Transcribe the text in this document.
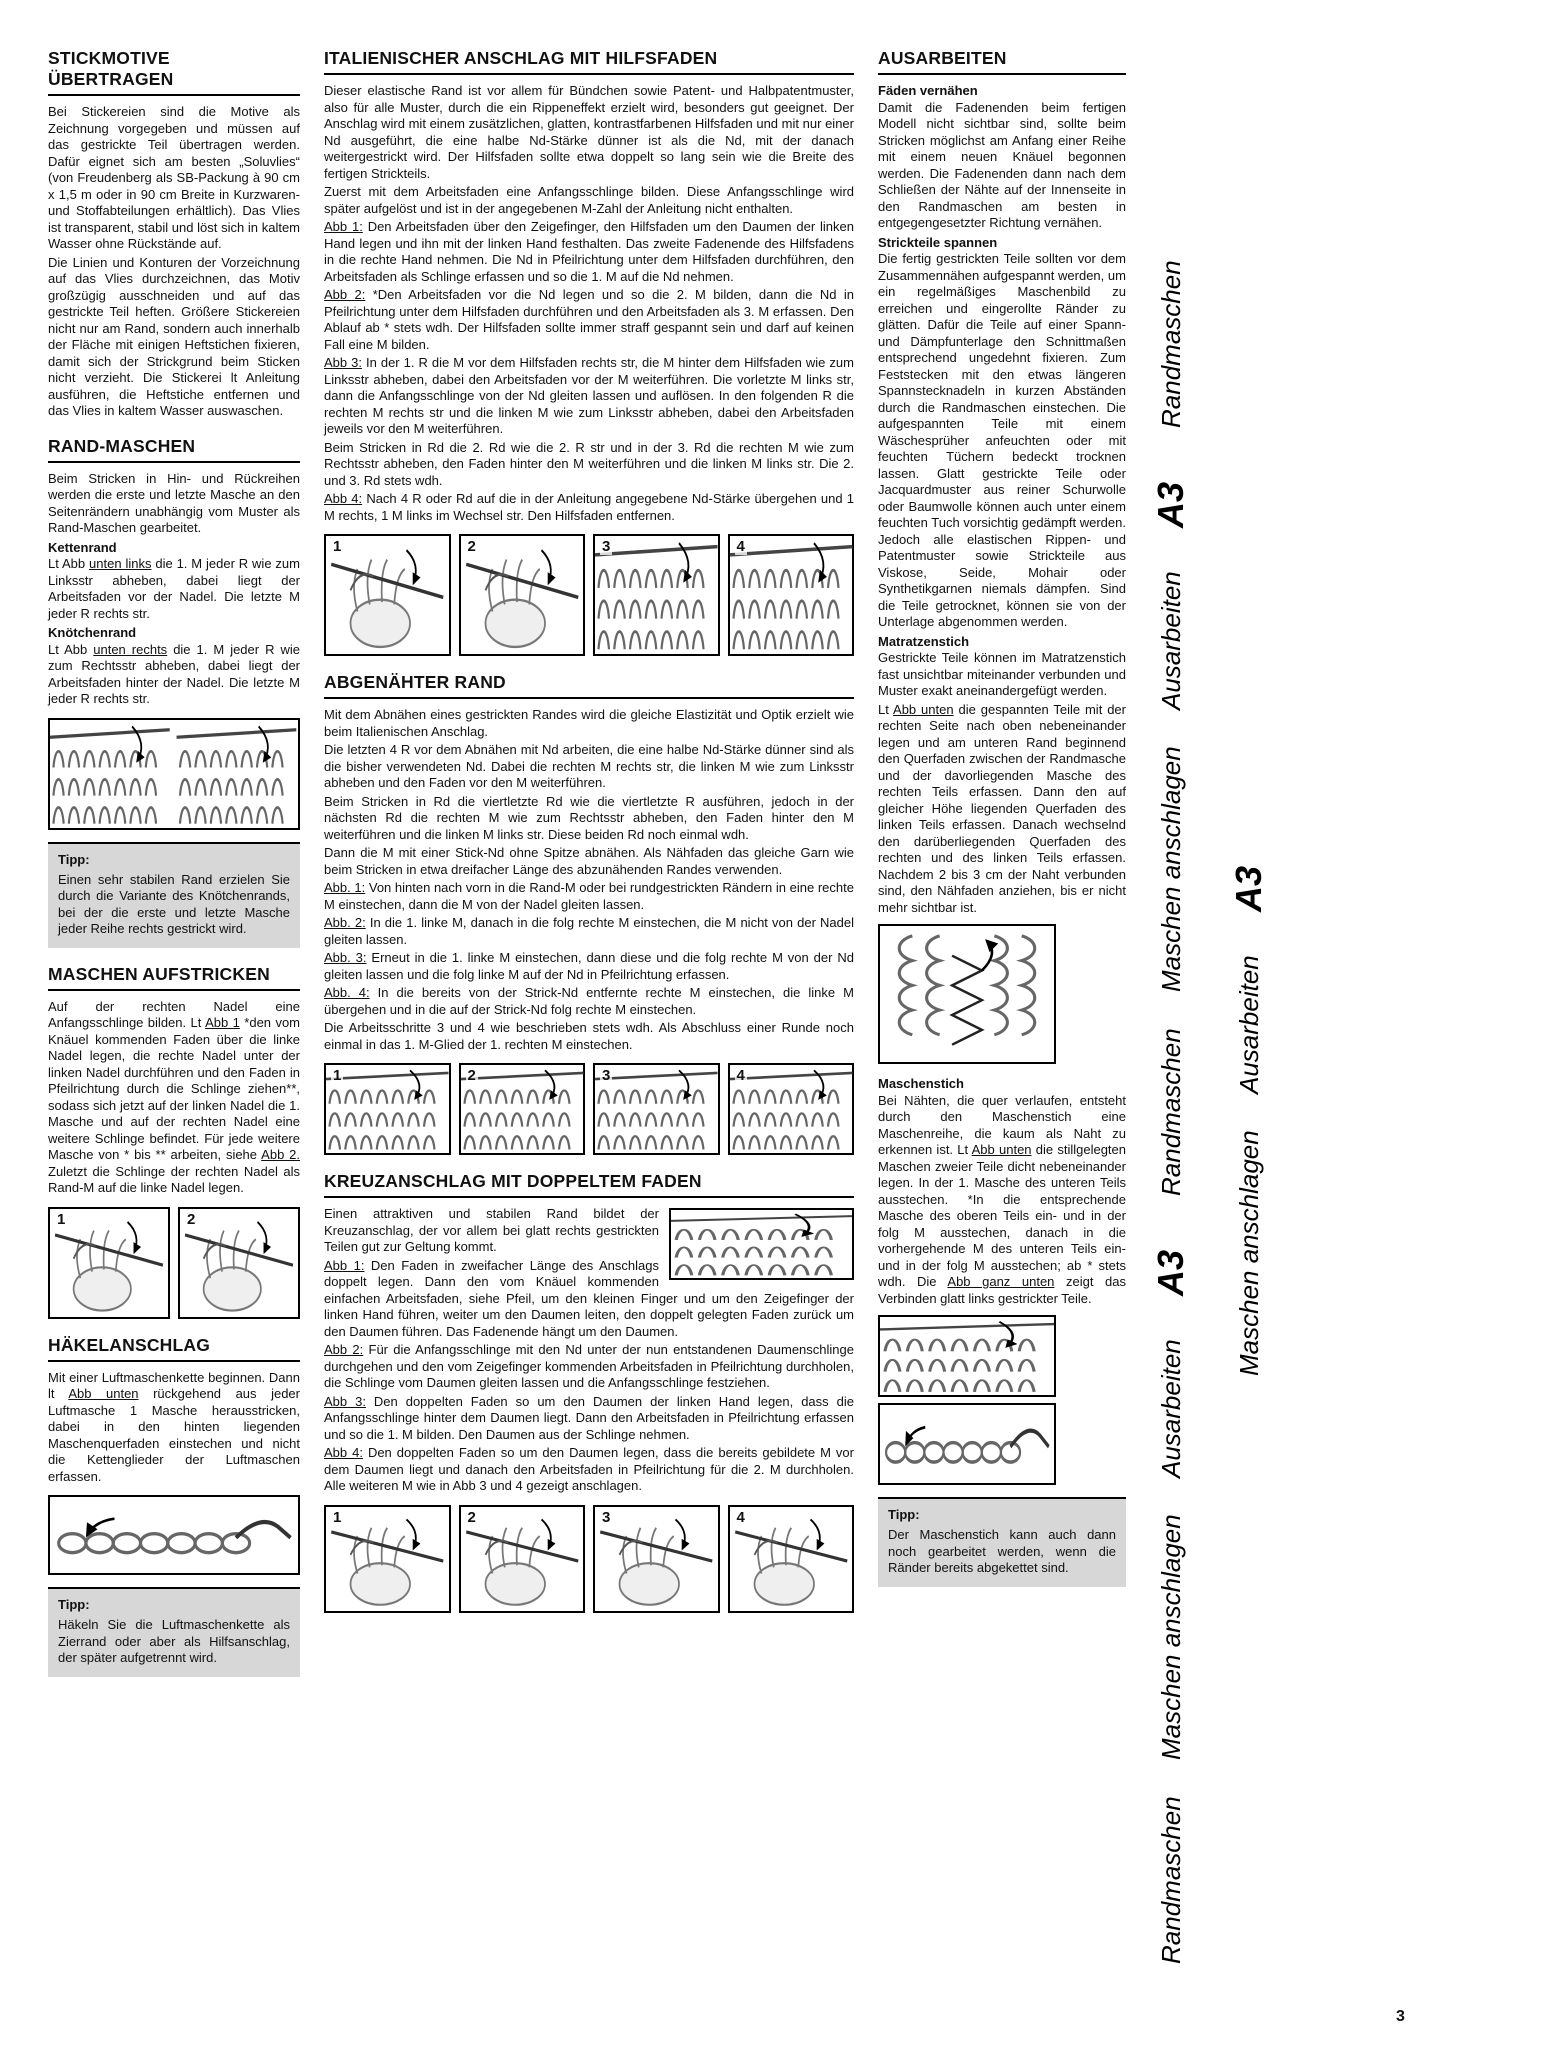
STICKMOTIVE ÜBERTRAGEN

Bei Stickereien sind die Motive als Zeichnung vorgegeben und müssen auf das gestrickte Teil übertragen werden. Dafür eignet sich am besten „Soluvlies“ (von Freudenberg als SB-Packung à 90 cm x 1,5 m oder in 90 cm Breite in Kurzwaren- und Stoffabteilungen erhältlich). Das Vlies ist transparent, stabil und löst sich in kaltem Wasser ohne Rückstände auf.

Die Linien und Konturen der Vorzeichnung auf das Vlies durchzeichnen, das Motiv großzügig ausschneiden und auf das gestrickte Teil heften. Größere Stickereien nicht nur am Rand, sondern auch innerhalb der Fläche mit einigen Heftstichen fixieren, damit sich der Strickgrund beim Sticken nicht verzieht. Die Stickerei lt Anleitung ausführen, die Heftstiche entfernen und das Vlies in kaltem Wasser auswaschen.

RAND-MASCHEN

Beim Stricken in Hin- und Rückreihen werden die erste und letzte Masche an den Seitenrändern unabhängig vom Muster als Rand-Maschen gearbeitet.

Kettenrand

Lt Abb unten links die 1. M jeder R wie zum Linksstr abheben, dabei liegt der Arbeitsfaden vor der Nadel. Die letzte M jeder R rechts str.

Knötchenrand

Lt Abb unten rechts die 1. M jeder R wie zum Rechtsstr abheben, dabei liegt der Arbeitsfaden hinter der Nadel. Die letzte M jeder R rechts str.

Tipp:

Einen sehr stabilen Rand erzielen Sie durch die Variante des Knötchenrands, bei der die erste und letzte Masche jeder Reihe rechts gestrickt wird.

MASCHEN AUFSTRICKEN

Auf der rechten Nadel eine Anfangsschlinge bilden. Lt Abb 1 *den vom Knäuel kommenden Faden über die linke Nadel legen, die rechte Nadel unter der linken Nadel durchführen und den Faden in Pfeilrichtung durch die Schlinge ziehen**, sodass sich jetzt auf der linken Nadel die 1. Masche und auf der rechten Nadel eine weitere Schlinge befindet. Für jede weitere Masche von * bis ** arbeiten, siehe Abb 2. Zuletzt die Schlinge der rechten Nadel als Rand-M auf die linke Nadel legen.

1	2
HÄKELANSCHLAG

Mit einer Luftmaschenkette beginnen. Dann lt Abb unten rückgehend aus jeder Luftmasche 1 Masche herausstricken, dabei in den hinten liegenden Maschenquerfaden einstechen und nicht die Kettenglieder der Luftmaschen erfassen.

Tipp:

Häkeln Sie die Luftmaschenkette als Zierrand oder aber als Hilfsanschlag, der später aufgetrennt wird.

ITALIENISCHER ANSCHLAG MIT HILFSFADEN

Dieser elastische Rand ist vor allem für Bündchen sowie Patent- und Halbpatentmuster, also für alle Muster, durch die ein Rippeneffekt erzielt wird, besonders gut geeignet. Der Anschlag wird mit einem zusätzlichen, glatten, kontrastfarbenen Hilfsfaden und mit nur einer Nd ausgeführt, die eine halbe Nd-Stärke dünner ist als die Nd, mit der danach weitergestrickt wird. Der Hilfsfaden sollte etwa doppelt so lang sein wie die Breite des fertigen Strickteils.

Zuerst mit dem Arbeitsfaden eine Anfangsschlinge bilden. Diese Anfangsschlinge wird später aufgelöst und ist in der angegebenen M-Zahl der Anleitung nicht enthalten.

Abb 1: Den Arbeitsfaden über den Zeigefinger, den Hilfsfaden um den Daumen der linken Hand legen und ihn mit der linken Hand festhalten. Das zweite Fadenende des Hilfsfadens in die rechte Hand nehmen. Die Nd in Pfeilrichtung unter dem Hilfsfaden durchführen, den Arbeitsfaden als Schlinge erfassen und so die 1. M auf die Nd nehmen.

Abb 2: *Den Arbeitsfaden vor die Nd legen und so die 2. M bilden, dann die Nd in Pfeilrichtung unter dem Hilfsfaden durchführen und den Arbeitsfaden als 3. M erfassen. Den Ablauf ab * stets wdh. Der Hilfsfaden sollte immer straff gespannt sein und darf auf keinen Fall eine M bilden.

Abb 3: In der 1. R die M vor dem Hilfsfaden rechts str, die M hinter dem Hilfsfaden wie zum Linksstr abheben, dabei den Arbeitsfaden vor der M weiterführen. Die vorletzte M links str, dann die Anfangsschlinge von der Nd gleiten lassen und auflösen. In den folgenden R die rechten M rechts str und die linken M wie zum Linksstr abheben, dabei den Arbeitsfaden jeweils vor den M weiterführen.

Beim Stricken in Rd die 2. Rd wie die 2. R str und in der 3. Rd die rechten M wie zum Rechtsstr abheben, den Faden hinter den M weiterführen und die linken M links str. Die 2. und 3. Rd stets wdh.

Abb 4: Nach 4 R oder Rd auf die in der Anleitung angegebene Nd-Stärke übergehen und 1 M rechts, 1 M links im Wechsel str. Den Hilfsfaden entfernen.

1	2	3	4
ABGENÄHTER RAND

Mit dem Abnähen eines gestrickten Randes wird die gleiche Elastizität und Optik erzielt wie beim Italienischen Anschlag.

Die letzten 4 R vor dem Abnähen mit Nd arbeiten, die eine halbe Nd-Stärke dünner sind als die bisher verwendeten Nd. Dabei die rechten M rechts str, die linken M wie zum Linksstr abheben und den Faden vor den M weiterführen.

Beim Stricken in Rd die viertletzte Rd wie die viertletzte R ausführen, jedoch in der nächsten Rd die rechten M wie zum Rechtsstr abheben, den Faden hinter den M weiterführen und die linken M links str. Diese beiden Rd noch einmal wdh.

Dann die M mit einer Stick-Nd ohne Spitze abnähen. Als Nähfaden das gleiche Garn wie beim Stricken in etwa dreifacher Länge des abzunähenden Randes verwenden.

Abb. 1: Von hinten nach vorn in die Rand-M oder bei rundgestrickten Rändern in eine rechte M einstechen, dann die M von der Nadel gleiten lassen.

Abb. 2: In die 1. linke M, danach in die folg rechte M einstechen, die M nicht von der Nadel gleiten lassen.

Abb. 3: Erneut in die 1. linke M einstechen, dann diese und die folg rechte M von der Nd gleiten lassen und die folg linke M auf der Nd in Pfeilrichtung erfassen.

Abb. 4: In die bereits von der Strick-Nd entfernte rechte M einstechen, die linke M übergehen und in die auf der Strick-Nd folg rechte M einstechen.

Die Arbeitsschritte 3 und 4 wie beschrieben stets wdh. Als Abschluss einer Runde noch einmal in das 1. M-Glied der 1. rechten M einstechen.

1	2	3	4
KREUZANSCHLAG MIT DOPPELTEM FADEN

Einen attraktiven und stabilen Rand bildet der Kreuzanschlag, der vor allem bei glatt rechts gestrickten Teilen gut zur Geltung kommt.

Abb 1: Den Faden in zweifacher Länge des Anschlags doppelt legen. Dann den vom Knäuel kommenden einfachen Arbeitsfaden, siehe Pfeil, um den kleinen Finger und um den Zeigefinger der linken Hand führen, weiter um den Daumen leiten, den doppelt gelegten Faden zurück um den Daumen führen. Das Fadenende hängt um den Daumen.

Abb 2: Für die Anfangsschlinge mit den Nd unter der nun entstandenen Daumenschlinge durchgehen und den vom Zeigefinger kommenden Arbeitsfaden in Pfeilrichtung durchholen, die Schlinge vom Daumen gleiten lassen und die Anfangsschlinge festziehen.

Abb 3: Den doppelten Faden so um den Daumen der linken Hand legen, dass die Anfangsschlinge hinter dem Daumen liegt. Dann den Arbeitsfaden in Pfeilrichtung erfassen und so die 1. M bilden. Den Daumen aus der Schlinge nehmen.

Abb 4: Den doppelten Faden so um den Daumen legen, dass die bereits gebildete M vor dem Daumen liegt und danach den Arbeitsfaden in Pfeilrichtung für die 2. M durchholen. Alle weiteren M wie in Abb 3 und 4 gezeigt anschlagen.

1	2	3	4
AUSARBEITEN
Fäden vernähen

Damit die Fadenenden beim fertigen Modell nicht sichtbar sind, sollte beim Stricken möglichst am Anfang einer Reihe mit einem neuen Knäuel begonnen werden. Die Fadenenden dann nach dem Schließen der Nähte auf der Innenseite in den Randmaschen am besten in entgegengesetzter Richtung vernähen.

Strickteile spannen

Die fertig gestrickten Teile sollten vor dem Zusammennähen aufgespannt werden, um ein regelmäßiges Maschenbild zu erreichen und eingerollte Ränder zu glätten. Dafür die Teile auf einer Spann- und Dämpfunterlage den Schnittmaßen entsprechend ungedehnt fixieren. Zum Feststecken mit den etwas längeren Spannstecknadeln in kurzen Abständen durch die Randmaschen einstechen. Die aufgespannten Teile mit einem Wäschesprüher anfeuchten oder mit feuchten Tüchern bedeckt trocknen lassen. Glatt gestrickte Teile oder Jacquardmuster aus reiner Schurwolle oder Baumwolle können auch unter einem feuchten Tuch vorsichtig gedämpft werden. Jedoch alle elastischen Rippen- und Patentmuster sowie Strickteile aus Viskose, Seide, Mohair oder Synthetikgarnen niemals dämpfen. Sind die Teile getrocknet, können sie von der Unterlage abgenommen werden.

Matratzenstich

Gestrickte Teile können im Matratzenstich fast unsichtbar miteinander verbunden und Muster exakt aneinandergefügt werden.

Lt Abb unten die gespannten Teile mit der rechten Seite nach oben nebeneinander legen und am unteren Rand beginnend den Querfaden zwischen der Randmasche und der davorliegenden Masche des rechten Teils erfassen. Dann den auf gleicher Höhe liegenden Querfaden des linken Teils erfassen. Danach wechselnd den darüberliegenden Querfaden des rechten und des linken Teils erfassen. Nachdem 2 bis 3 cm der Naht verbunden sind, den Nähfaden anziehen, bis er nicht mehr sichtbar ist.

Maschenstich

Bei Nähten, die quer verlaufen, entsteht durch den Maschenstich eine Maschenreihe, die kaum als Naht zu erkennen ist. Lt Abb unten die stillgelegten Maschen zweier Teile dicht nebeneinander legen. In der 1. Masche des unteren Teils ausstechen. *In die entsprechende Masche des oberen Teils ein- und in der folg M ausstechen, danach in die vorhergehende M des unteren Teils ein- und in der folg M ausstechen; ab * stets wdh. Die Abb ganz unten zeigt das Verbinden glatt links gestrickter Teile.

Tipp:

Der Maschenstich kann auch dann noch gearbeitet werden, wenn die Ränder bereits abgekettet sind.

Randmaschen Maschen anschlagen Ausarbeiten A3 Randmaschen Maschen anschlagen Ausarbeiten A3 Randmaschen Maschen anschlagen Ausarbeiten A3
3
